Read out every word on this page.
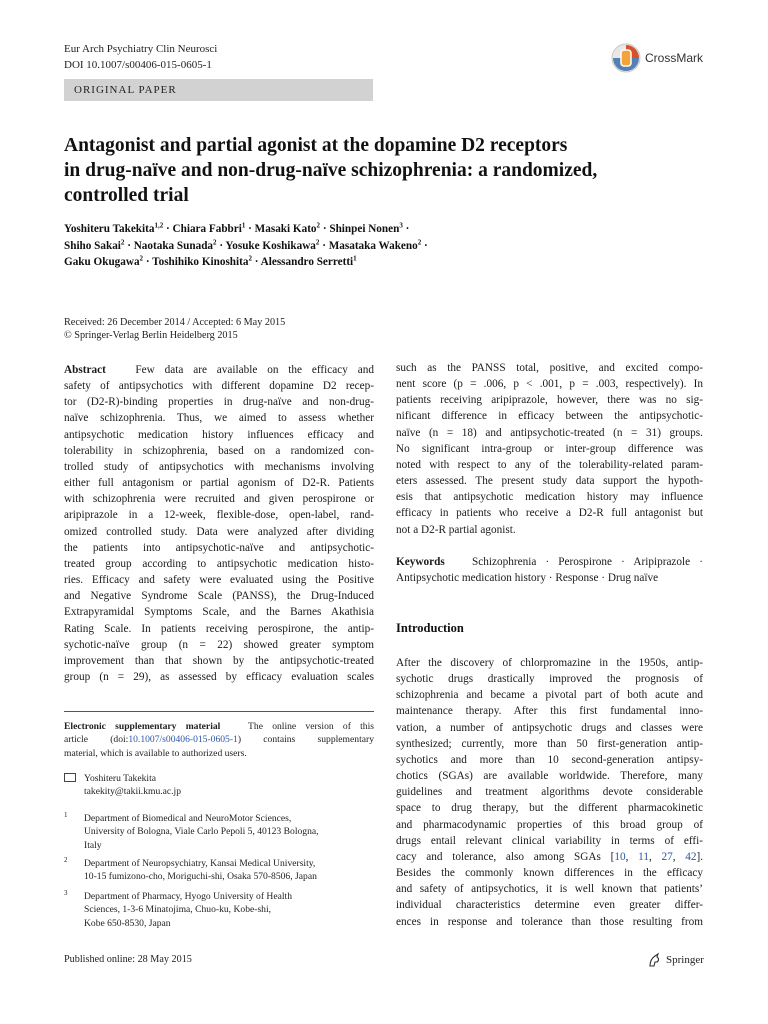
Eur Arch Psychiatry Clin Neurosci
DOI 10.1007/s00406-015-0605-1	CrossMark
ORIGINAL PAPER
Antagonist and partial agonist at the dopamine D2 receptors
in drug-naïve and non-drug-naïve schizophrenia: a randomized,
controlled trial
Yoshiteru Takekita$^{1,2}$ · Chiara Fabbri$^1$ · Masaki Kato$^2$ · Shinpei Nonen$^3$ ·
Shiho Sakai$^2$ · Naotaka Sunada$^2$ · Yosuke Koshikawa$^2$ · Masataka Wakeno$^2$ ·
Gaku Okugawa$^2$ · Toshihiko Kinoshita$^2$ · Alessandro Serretti$^1$
Received: 26 December 2014 / Accepted: 6 May 2015
© Springer-Verlag Berlin Heidelberg 2015
Abstract	Few data are available on the efficacy and
safety of antipsychotics with different dopamine D2 recep-
tor (D2-R)-binding properties in drug-naïve and non-drug-
naïve schizophrenia. Thus, we aimed to assess whether
antipsychotic medication history influences efficacy and
tolerability in schizophrenia, based on a randomized con-
trolled study of antipsychotics with mechanisms involving
either full antagonism or partial agonism of D2-R. Patients
with schizophrenia were recruited and given perospirone or
aripiprazole in a 12-week, flexible-dose, open-label, rand-
omized controlled study. Data were analyzed after dividing
the patients into antipsychotic-naïve and antipsychotic-
treated group according to antipsychotic medication histo-
ries. Efficacy and safety were evaluated using the Positive
and Negative Syndrome Scale (PANSS), the Drug-Induced
Extrapyramidal Symptoms Scale, and the Barnes Akathisia
Rating Scale. In patients receiving perospirone, the antip-
sychotic-naïve group (n = 22) showed greater symptom
improvement than that shown by the antipsychotic-treated
group (n = 29), as assessed by efficacy evaluation scales
Electronic supplementary material	The online version of this
article (doi:10.1007/s00406-015-0605-1) contains supplementary
material, which is available to authorized users.
Yoshiteru Takekita
takekity@takii.kmu.ac.jp
1 Department of Biomedical and NeuroMotor Sciences,
University of Bologna, Viale Carlo Pepoli 5, 40123 Bologna,
Italy
2 Department of Neuropsychiatry, Kansai Medical University,
10-15 fumizono-cho, Moriguchi-shi, Osaka 570-8506, Japan
3 Department of Pharmacy, Hyogo University of Health
Sciences, 1-3-6 Minatojima, Chuo-ku, Kobe-shi,
Kobe 650-8530, Japan
Published online: 28 May 2015	Springer
such as the PANSS total, positive, and excited compo-
nent score (p = .006, p < .001, p = .003, respectively). In
patients receiving aripiprazole, however, there was no sig-
nificant difference in efficacy between the antipsychotic-
naïve (n = 18) and antipsychotic-treated (n = 31) groups.
No significant intra-group or inter-group difference was
noted with respect to any of the tolerability-related param-
eters assessed. The present study data support the hypoth-
esis that antipsychotic medication history may influence
efficacy in patients who receive a D2-R full antagonist but
not a D2-R partial agonist.
Keywords Schizophrenia · Perospirone · Aripiprazole ·
Antipsychotic medication history · Response · Drug naïve
Introduction
After the discovery of chlorpromazine in the 1950s, antip-
sychotic drugs drastically improved the prognosis of
schizophrenia and became a pivotal part of both acute and
maintenance therapy. After this first fundamental inno-
vation, a number of antipsychotic drugs and classes were
synthesized; currently, more than 50 first-generation antip-
sychotics and more than 10 second-generation antipsy-
chotics (SGAs) are available worldwide. Therefore, many
guidelines and treatment algorithms devote considerable
space to drug therapy, but the different pharmacokinetic
and pharmacodynamic properties of this broad group of
drugs entail relevant clinical variability in terms of effi-
cacy and tolerance, also among SGAs [10, 11, 27, 42].
Besides the commonly known differences in the efficacy
and safety of antipsychotics, it is well known that patients’
individual characteristics determine even greater differ-
ences in response and tolerance than those resulting from
